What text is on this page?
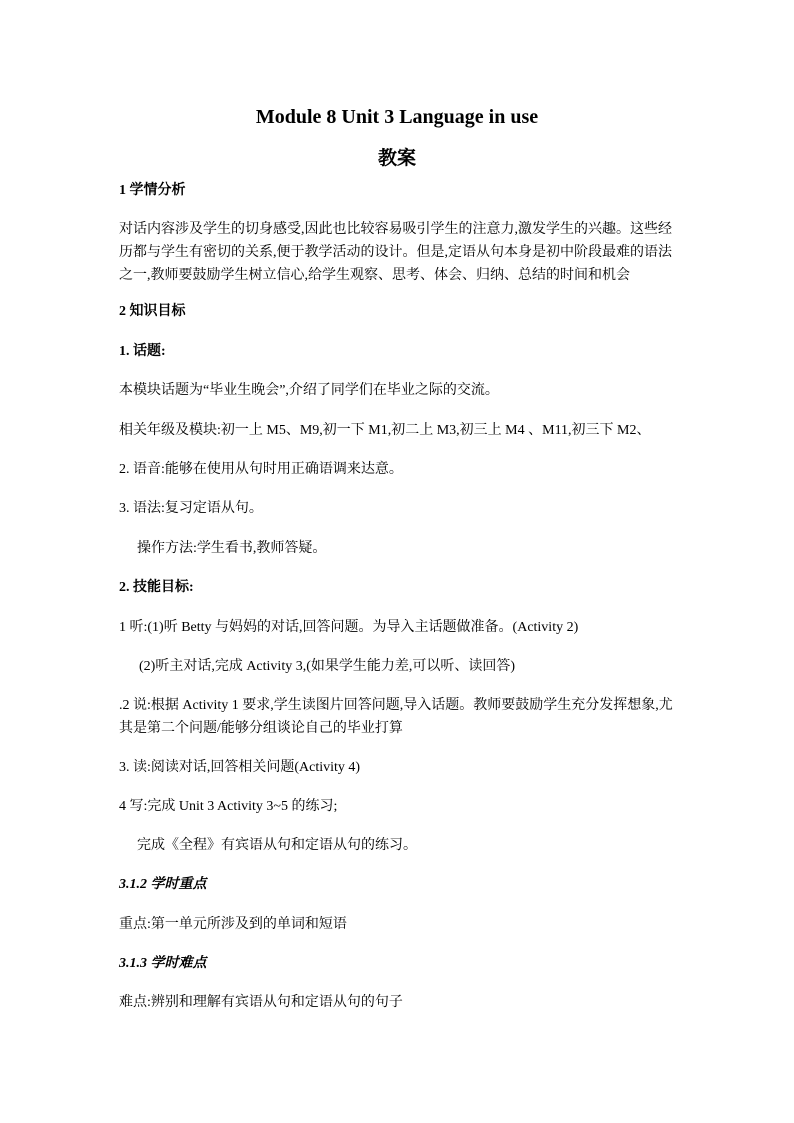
Module 8 Unit 3 Language in use
教案
1 学情分析
对话内容涉及学生的切身感受,因此也比较容易吸引学生的注意力,激发学生的兴趣。这些经
历都与学生有密切的关系,便于教学活动的设计。但是,定语从句本身是初中阶段最难的语法
之一,教师要鼓励学生树立信心,给学生观察、思考、体会、归纳、总结的时间和机会
2 知识目标
1. 话题:
本模块话题为“毕业生晚会”,介绍了同学们在毕业之际的交流。
相关年级及模块:初一上 M5、M9,初一下 M1,初二上 M3,初三上 M4 、M11,初三下 M2、
2. 语音:能够在使用从句时用正确语调来达意。
3. 语法:复习定语从句。
操作方法:学生看书,教师答疑。
2. 技能目标:
1 听:(1)听 Betty 与妈妈的对话,回答问题。为导入主话题做准备。(Activity 2)
(2)听主对话,完成 Activity 3,(如果学生能力差,可以听、读回答)
.2 说:根据 Activity 1 要求,学生读图片回答问题,导入话题。教师要鼓励学生充分发挥想象,尤
其是第二个问题/能够分组谈论自己的毕业打算
3. 读:阅读对话,回答相关问题(Activity 4)
4 写:完成 Unit 3 Activity 3~5 的练习;
完成《全程》有宾语从句和定语从句的练习。
3.1.2 学时重点
重点:第一单元所涉及到的单词和短语
3.1.3 学时难点
难点:辨别和理解有宾语从句和定语从句的句子
